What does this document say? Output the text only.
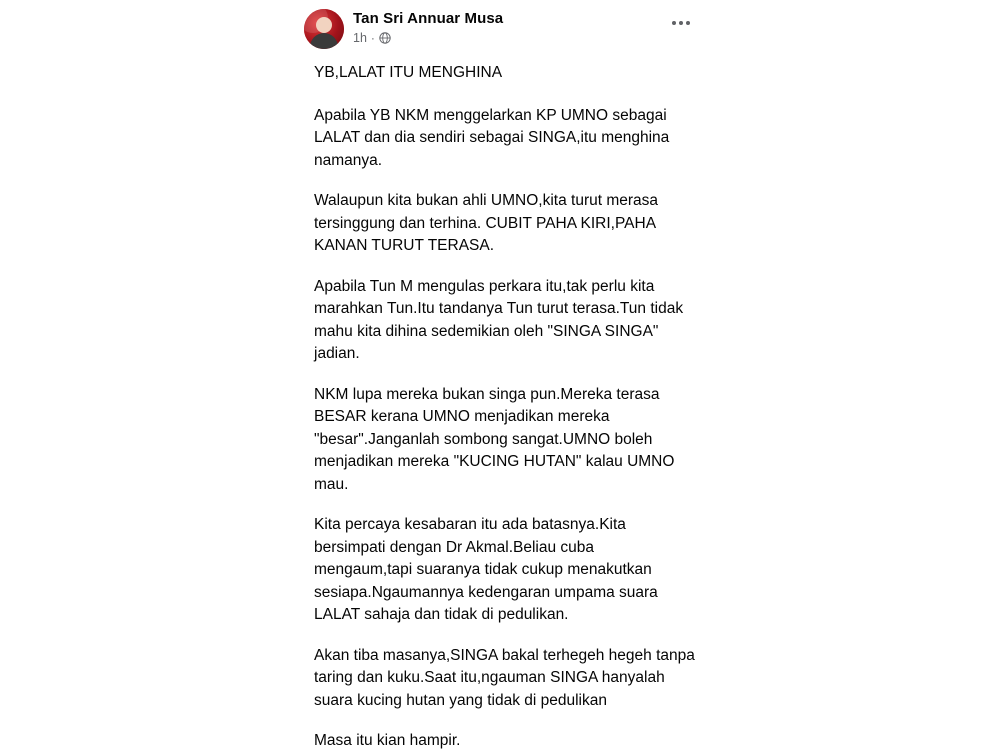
Tan Sri Annuar Musa
1h ·

YB,LALAT ITU MENGHINA

Apabila YB NKM menggelarkan KP UMNO sebagai LALAT dan dia sendiri sebagai SINGA,itu menghina namanya.

Walaupun kita bukan ahli UMNO,kita turut merasa tersinggung dan terhina. CUBIT PAHA KIRI,PAHA KANAN TURUT TERASA.

Apabila Tun M mengulas perkara itu,tak perlu kita marahkan Tun.Itu tandanya Tun turut terasa.Tun tidak mahu kita dihina sedemikian oleh "SINGA SINGA" jadian.

NKM lupa mereka bukan singa pun.Mereka terasa BESAR kerana UMNO menjadikan mereka "besar".Janganlah sombong sangat.UMNO boleh menjadikan mereka "KUCING HUTAN" kalau UMNO mau.

Kita percaya kesabaran itu ada batasnya.Kita bersimpati dengan Dr Akmal.Beliau cuba mengaum,tapi suaranya tidak cukup menakutkan sesiapa.Ngaumannya kedengaran umpama suara LALAT sahaja dan tidak di pedulikan.

Akan tiba masanya,SINGA bakal terhegeh hegeh tanpa taring dan kuku.Saat itu,ngauman SINGA hanyalah suara kucing hutan yang tidak di pedulikan

Masa itu kian hampir.
